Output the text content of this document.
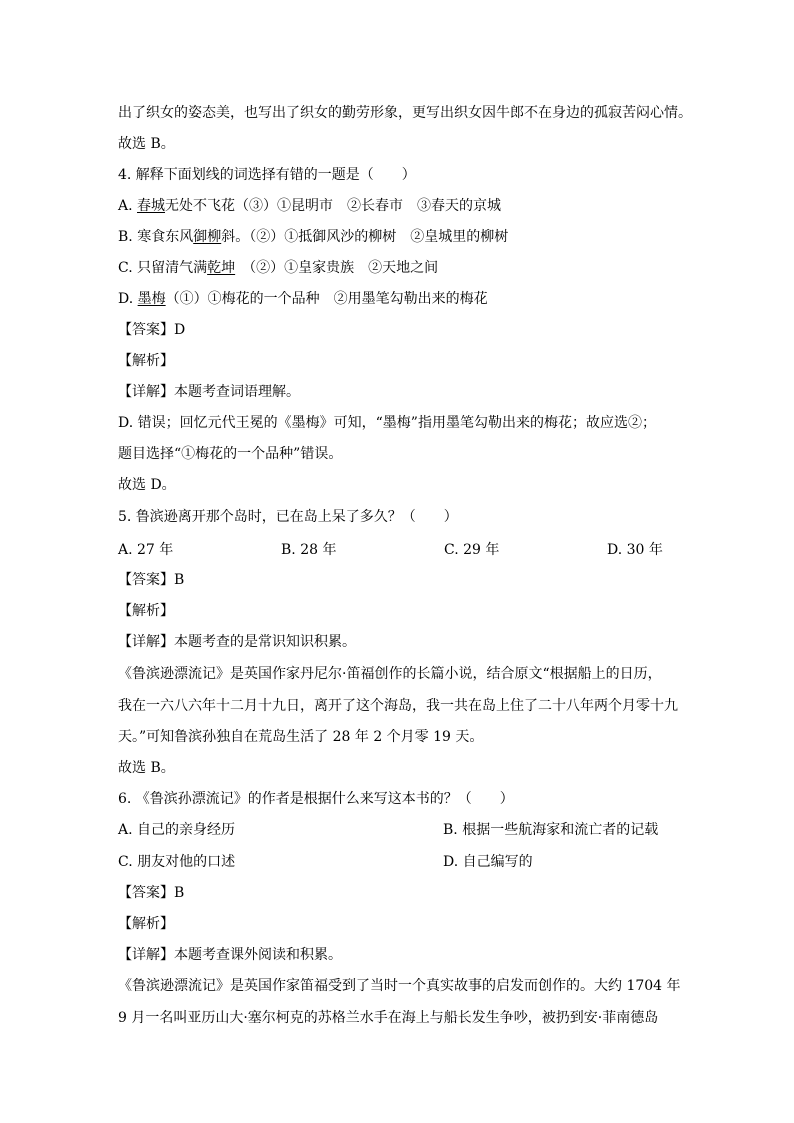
出了织女的姿态美，也写出了织女的勤劳形象，更写出织女因牛郎不在身边的孤寂苦闷心情。
故选 B。
4. 解释下面划线的词选择有错的一题是（　　）
A. 春城无处不飞花（③）①昆明市　②长春市　③春天的京城
B. 寒食东风御柳斜。（②）①抵御风沙的柳树　②皇城里的柳树
C. 只留清气满乾坤　（②）①皇家贵族　②天地之间
D. 墨梅（①）①梅花的一个品种　②用墨笔勾勒出来的梅花
【答案】D
【解析】
【详解】本题考查词语理解。
D. 错误；回忆元代王冕的《墨梅》可知，“墨梅”指用墨笔勾勒出来的梅花；故应选②；
题目选择“①梅花的一个品种”错误。
故选 D。
5. 鲁滨逊离开那个岛时，已在岛上呆了多久？（　　）
A. 27 年	B. 28 年	C. 29 年	D. 30 年
【答案】B
【解析】
【详解】本题考查的是常识知识积累。
《鲁滨逊漂流记》是英国作家丹尼尔·笛福创作的长篇小说，结合原文“根据船上的日历，
我在一六八六年十二月十九日，离开了这个海岛，我一共在岛上住了二十八年两个月零十九
天。”可知鲁滨孙独自在荒岛生活了 28 年 2 个月零 19 天。
故选 B。
6. 《鲁滨孙漂流记》的作者是根据什么来写这本书的？（　　）
A. 自己的亲身经历	B. 根据一些航海家和流亡者的记载
C. 朋友对他的口述	D. 自己编写的
【答案】B
【解析】
【详解】本题考查课外阅读和积累。
《鲁滨逊漂流记》是英国作家笛福受到了当时一个真实故事的启发而创作的。大约 1704 年
9 月一名叫亚历山大·塞尔柯克的苏格兰水手在海上与船长发生争吵，被扔到安·菲南德岛
